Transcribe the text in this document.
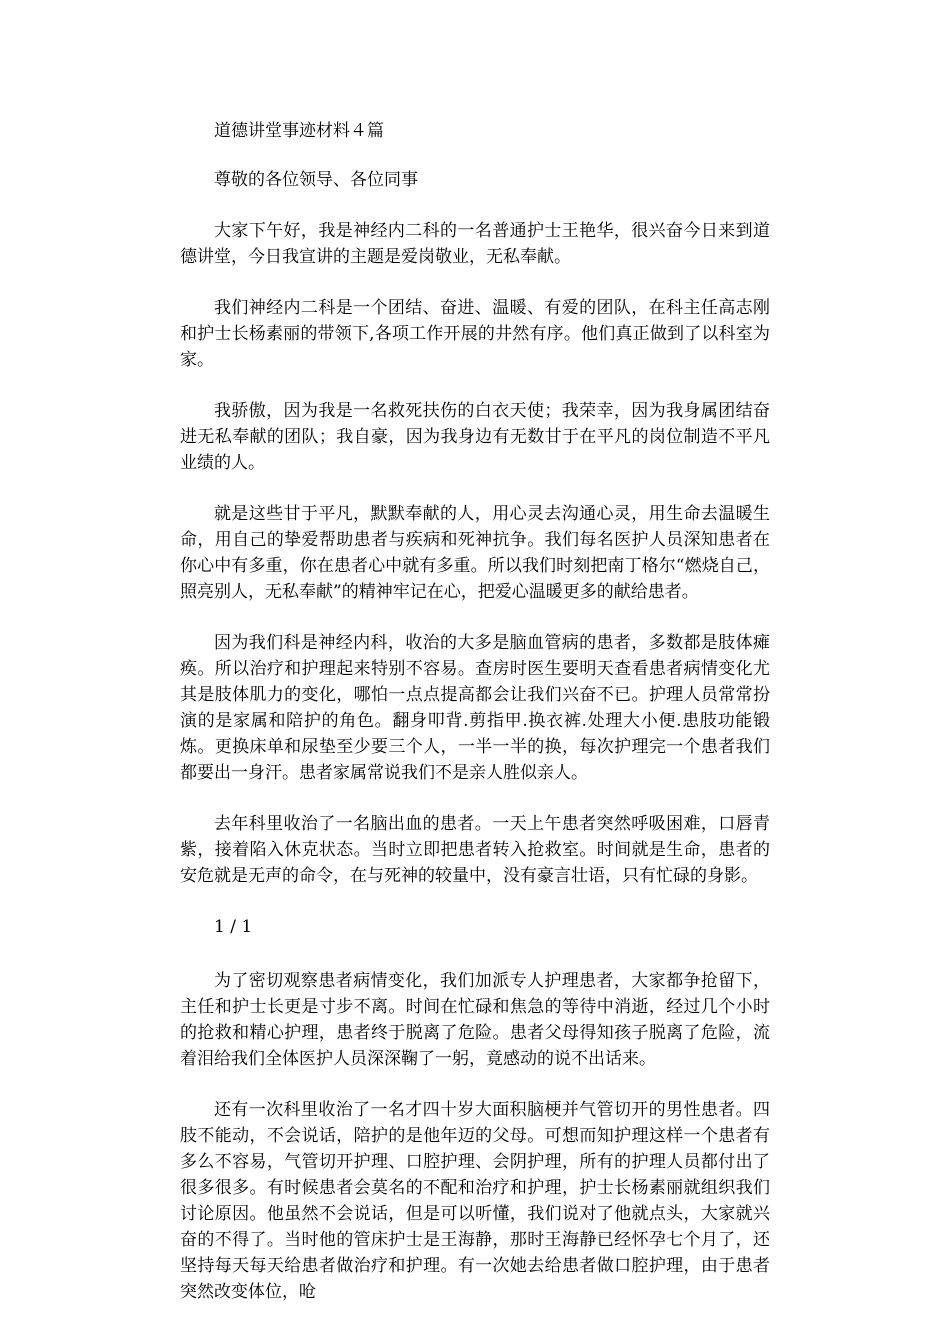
道德讲堂事迹材料４篇

尊敬的各位领导、各位同事

大家下午好，我是神经内二科的一名普通护士王艳华，很兴奋今日来到道德讲堂，今日我宣讲的主题是爱岗敬业，无私奉献。

我们神经内二科是一个团结、奋进、温暖、有爱的团队，在科主任高志刚和护士长杨素丽的带领下,各项工作开展的井然有序。他们真正做到了以科室为家。

我骄傲，因为我是一名救死扶伤的白衣天使；我荣幸，因为我身属团结奋进无私奉献的团队；我自豪，因为我身边有无数甘于在平凡的岗位制造不平凡业绩的人。

就是这些甘于平凡，默默奉献的人，用心灵去沟通心灵，用生命去温暖生命，用自己的挚爱帮助患者与疾病和死神抗争。我们每名医护人员深知患者在你心中有多重，你在患者心中就有多重。所以我们时刻把南丁格尔“燃烧自己，照亮别人，无私奉献”的精神牢记在心，把爱心温暖更多的献给患者。

因为我们科是神经内科，收治的大多是脑血管病的患者，多数都是肢体瘫痪。所以治疗和护理起来特别不容易。查房时医生要明天查看患者病情变化尤其是肢体肌力的变化，哪怕一点点提高都会让我们兴奋不已。护理人员常常扮演的是家属和陪护的角色。翻身叩背.剪指甲.换衣裤.处理大小便.患肢功能锻炼。更换床单和尿垫至少要三个人，一半一半的换，每次护理完一个患者我们都要出一身汗。患者家属常说我们不是亲人胜似亲人。

去年科里收治了一名脑出血的患者。一天上午患者突然呼吸困难，口唇青紫，接着陷入休克状态。当时立即把患者转入抢救室。时间就是生命，患者的安危就是无声的命令，在与死神的较量中，没有豪言壮语，只有忙碌的身影。

1 / 1

为了密切观察患者病情变化，我们加派专人护理患者，大家都争抢留下，主任和护士长更是寸步不离。时间在忙碌和焦急的等待中消逝，经过几个小时的抢救和精心护理，患者终于脱离了危险。患者父母得知孩子脱离了危险，流着泪给我们全体医护人员深深鞠了一躬，竟感动的说不出话来。

还有一次科里收治了一名才四十岁大面积脑梗并气管切开的男性患者。四肢不能动，不会说话，陪护的是他年迈的父母。可想而知护理这样一个患者有多么不容易，气管切开护理、口腔护理、会阴护理，所有的护理人员都付出了很多很多。有时候患者会莫名的不配和治疗和护理，护士长杨素丽就组织我们讨论原因。他虽然不会说话，但是可以听懂，我们说对了他就点头，大家就兴奋的不得了。当时他的管床护士是王海静，那时王海静已经怀孕七个月了，还坚持每天每天给患者做治疗和护理。有一次她去给患者做口腔护理，由于患者突然改变体位，呛
